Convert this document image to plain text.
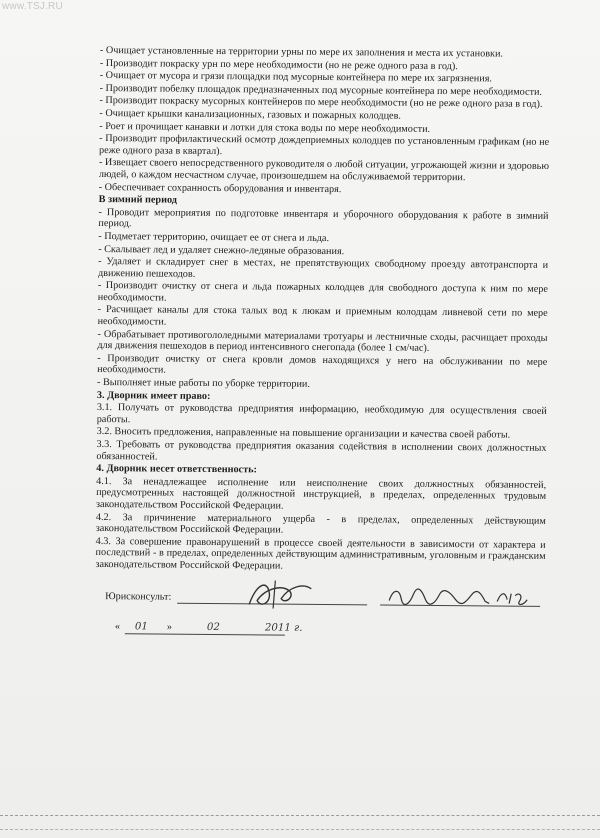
www.TSJ.RU

- Очищает установленные на территории урны по мере их заполнения и места их установки.

- Производит покраску урн по мере необходимости (но не реже одного раза в год).

- Очищает от мусора и грязи площадки под мусорные контейнера по мере их загрязнения.

- Производит побелку площадок предназначенных под мусорные контейнера по мере необходимости.

- Производит покраску мусорных контейнеров по мере необходимости (но не реже одного раза в год).

- Очищает крышки канализационных, газовых и пожарных колодцев.

- Роет и прочищает канавки и лотки для стока воды по мере необходимости.

- Производит профилактический осмотр дождеприемных колодцев по установленным графикам (но не реже одного раза в квартал).

- Извещает своего непосредственного руководителя о любой ситуации, угрожающей жизни и здоровью людей, о каждом несчастном случае, произошедшем на обслуживаемой территории.

- Обеспечивает сохранность оборудования и инвентаря.

В зимний период

- Проводит мероприятия по подготовке инвентаря и уборочного оборудования к работе в зимний период.

- Подметает территорию, очищает ее от снега и льда.

- Скалывает лед и удаляет снежно-ледяные образования.

- Удаляет и складирует снег в местах, не препятствующих свободному проезду автотранспорта и движению пешеходов.

- Производит очистку от снега и льда пожарных колодцев для свободного доступа к ним по мере необходимости.

- Расчищает каналы для стока талых вод к люкам и приемным колодцам ливневой сети по мере необходимости.

- Обрабатывает противогололедными материалами тротуары и лестничные сходы, расчищает проходы для движения пешеходов в период интенсивного снегопада (более 1 см/час).

- Производит очистку от снега кровли домов находящихся у него на обслуживании по мере необходимости.

- Выполняет иные работы по уборке территории.

3. Дворник имеет право:

3.1. Получать от руководства предприятия информацию, необходимую для осуществления своей работы.

3.2. Вносить предложения, направленные на повышение организации и качества своей работы.

3.3. Требовать от руководства предприятия оказания содействия в исполнении своих должностных обязанностей.

4. Дворник несет ответственность:

4.1. За ненадлежащее исполнение или неисполнение своих должностных обязанностей, предусмотренных настоящей должностной инструкцией, в пределах, определенных трудовым законодательством Российской Федерации.

4.2. За причинение материального ущерба - в пределах, определенных действующим законодательством Российской Федерации.

4.3. За совершение правонарушений в процессе своей деятельности в зависимости от характера и последствий - в пределах, определенных действующим административным, уголовным и гражданским законодательством Российской Федерации.

Юрисконсульт:
« 01 »	02	2011 г.
